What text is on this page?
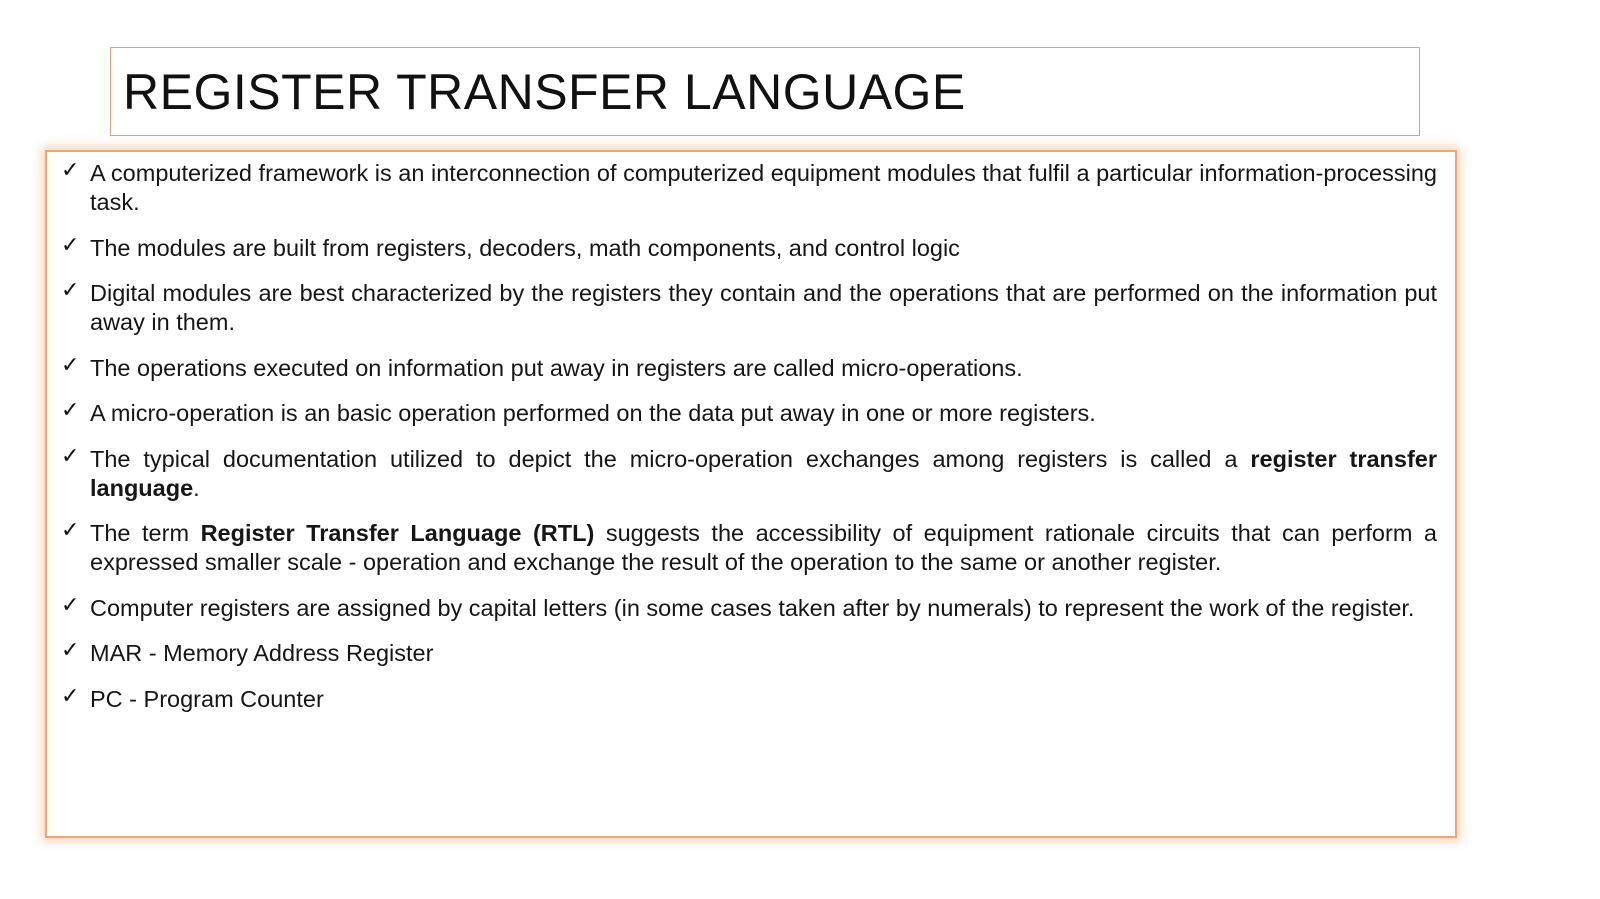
REGISTER TRANSFER LANGUAGE
✓ A computerized framework is an interconnection of computerized equipment modules that fulfil a particular information-processing task.
✓ The modules are built from registers, decoders, math components, and control logic
✓ Digital modules are best characterized by the registers they contain and the operations that are performed on the information put away in them.
✓ The operations executed on information put away in registers are called micro-operations.
✓ A micro-operation is an basic operation performed on the data put away in one or more registers.
✓ The typical documentation utilized to depict the micro-operation exchanges among registers is called a register transfer language.
✓ The term Register Transfer Language (RTL) suggests the accessibility of equipment rationale circuits that can perform a expressed smaller scale - operation and exchange the result of the operation to the same or another register.
✓ Computer registers are assigned by capital letters (in some cases taken after by numerals) to represent the work of the register.
✓ MAR - Memory Address Register
✓ PC - Program Counter
